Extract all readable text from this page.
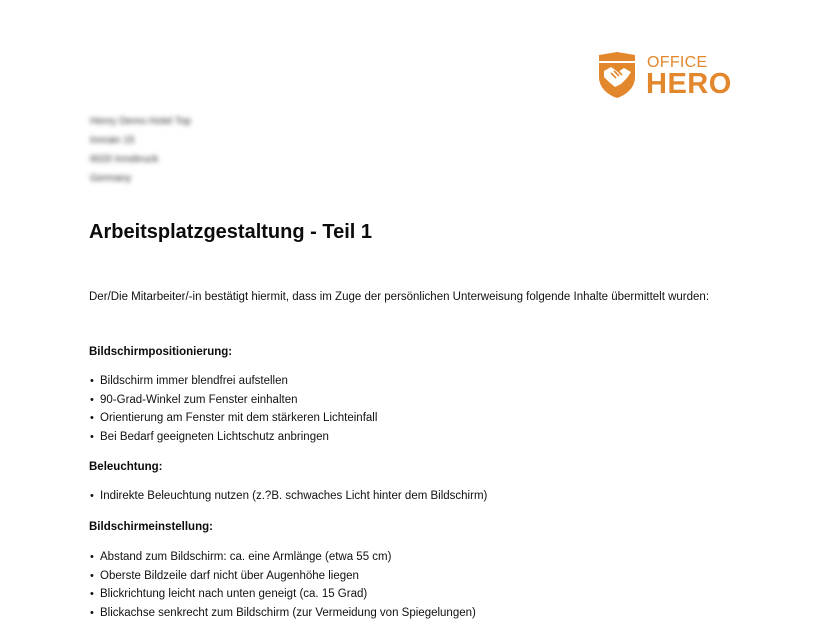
OFFICE
HERO
Henry Demo Hotel Top
Innrain 15
6020 Innsbruck
Germany
Arbeitsplatzgestaltung - Teil 1
Der/Die Mitarbeiter/-in bestätigt hiermit, dass im Zuge der persönlichen Unterweisung folgende Inhalte übermittelt wurden:
Bildschirmpositionierung:
• Bildschirm immer blendfrei aufstellen
• 90-Grad-Winkel zum Fenster einhalten
• Orientierung am Fenster mit dem stärkeren Lichteinfall
• Bei Bedarf geeigneten Lichtschutz anbringen
Beleuchtung:
• Indirekte Beleuchtung nutzen (z.?B. schwaches Licht hinter dem Bildschirm)
Bildschirmeinstellung:
• Abstand zum Bildschirm: ca. eine Armlänge (etwa 55 cm)
• Oberste Bildzeile darf nicht über Augenhöhe liegen
• Blickrichtung leicht nach unten geneigt (ca. 15 Grad)
• Blickachse senkrecht zum Bildschirm (zur Vermeidung von Spiegelungen)
